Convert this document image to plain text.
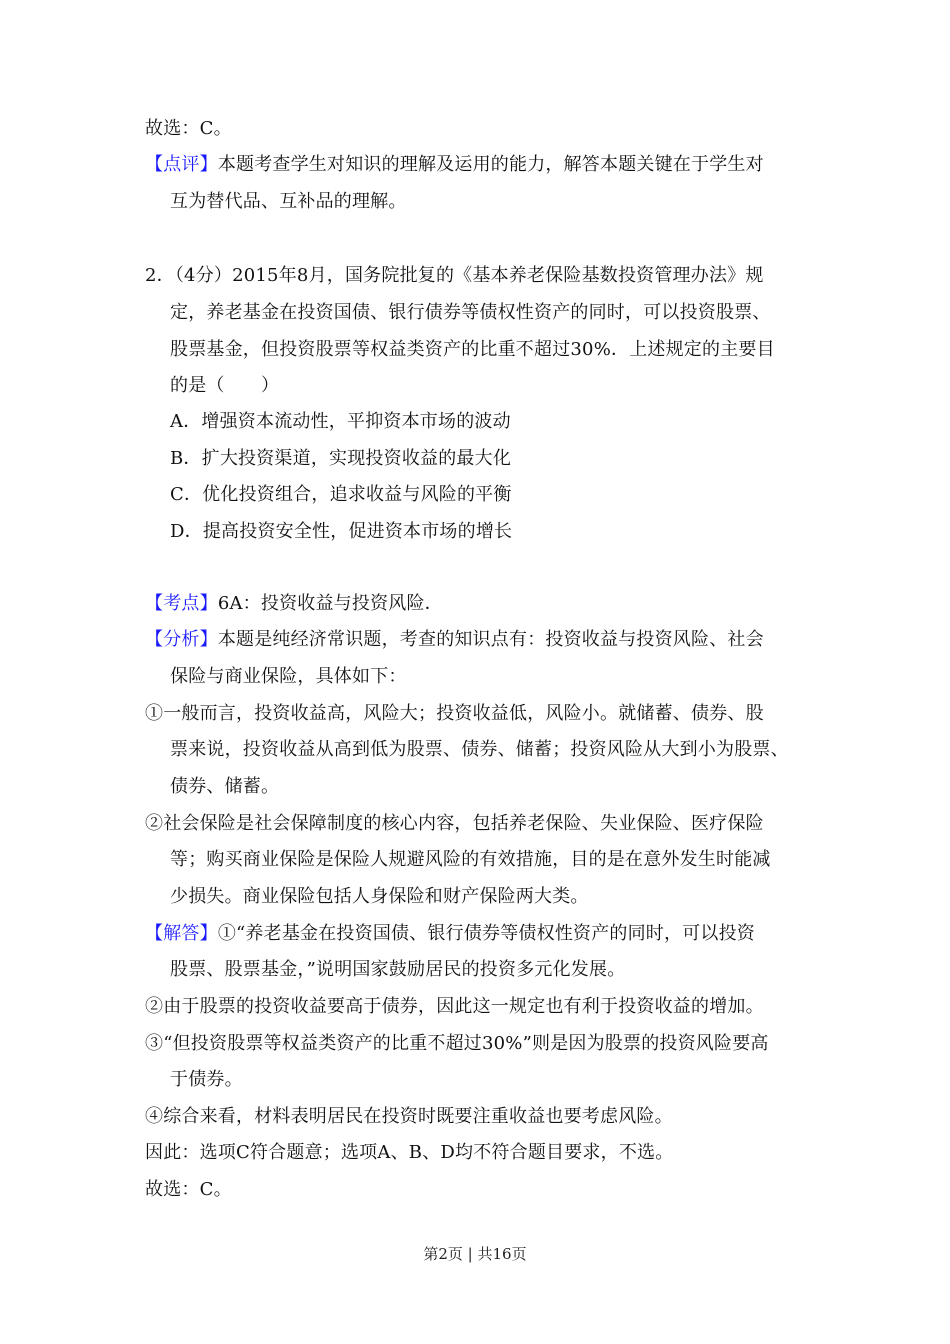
故选：C。
【点评】本题考查学生对知识的理解及运用的能力，解答本题关键在于学生对
互为替代品、互补品的理解。
2．（4分）2015年8月，国务院批复的《基本养老保险基数投资管理办法》规
定，养老基金在投资国债、银行债券等债权性资产的同时，可以投资股票、
股票基金，但投资股票等权益类资产的比重不超过30%．上述规定的主要目
的是（　　）
A．增强资本流动性，平抑资本市场的波动
B．扩大投资渠道，实现投资收益的最大化
C．优化投资组合，追求收益与风险的平衡
D．提高投资安全性，促进资本市场的增长
【考点】6A：投资收益与投资风险．
【分析】本题是纯经济常识题，考查的知识点有：投资收益与投资风险、社会
保险与商业保险，具体如下：
①一般而言，投资收益高，风险大；投资收益低，风险小。就储蓄、债券、股
票来说，投资收益从高到低为股票、债券、储蓄；投资风险从大到小为股票、
债券、储蓄。
②社会保险是社会保障制度的核心内容，包括养老保险、失业保险、医疗保险
等；购买商业保险是保险人规避风险的有效措施，目的是在意外发生时能减
少损失。商业保险包括人身保险和财产保险两大类。
【解答】①“养老基金在投资国债、银行债券等债权性资产的同时，可以投资
股票、股票基金，”说明国家鼓励居民的投资多元化发展。
②由于股票的投资收益要高于债券，因此这一规定也有利于投资收益的增加。
③“但投资股票等权益类资产的比重不超过30%”则是因为股票的投资风险要高
于债券。
④综合来看，材料表明居民在投资时既要注重收益也要考虑风险。
因此：选项C符合题意；选项A、B、D均不符合题目要求，不选。
故选：C。
第2页 | 共16页
